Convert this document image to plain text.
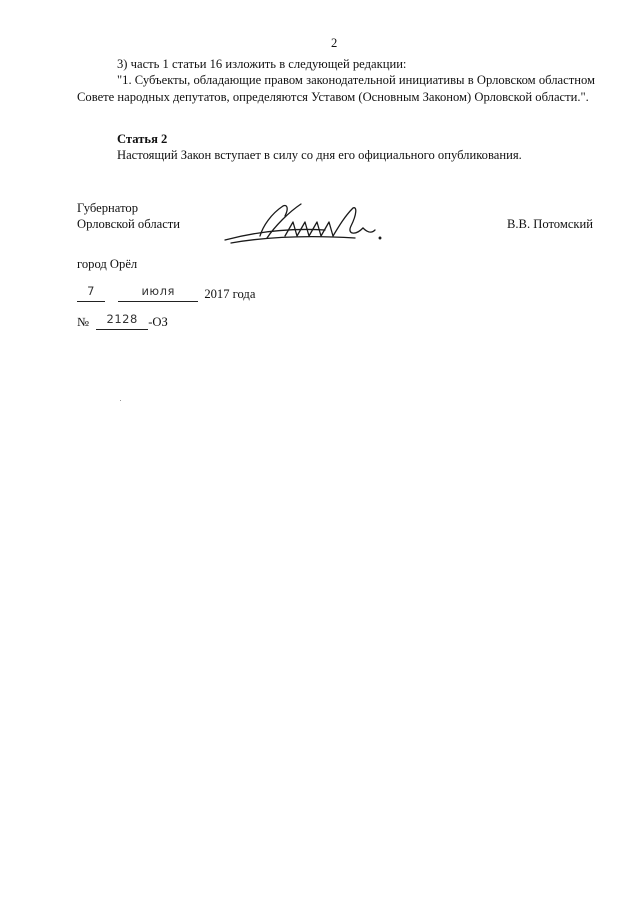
2
3) часть 1 статьи 16 изложить в следующей редакции:
"1. Субъекты, обладающие правом законодательной инициативы в Орловском областном Совете народных депутатов, определяются Уставом (Основным Законом) Орловской области.".
Статья 2
Настоящий Закон вступает в силу со дня его официального опубликования.
Губернатор
Орловской области	В.В. Потомский
город Орёл
7	июля 2017 года
№ 2128 -ОЗ
